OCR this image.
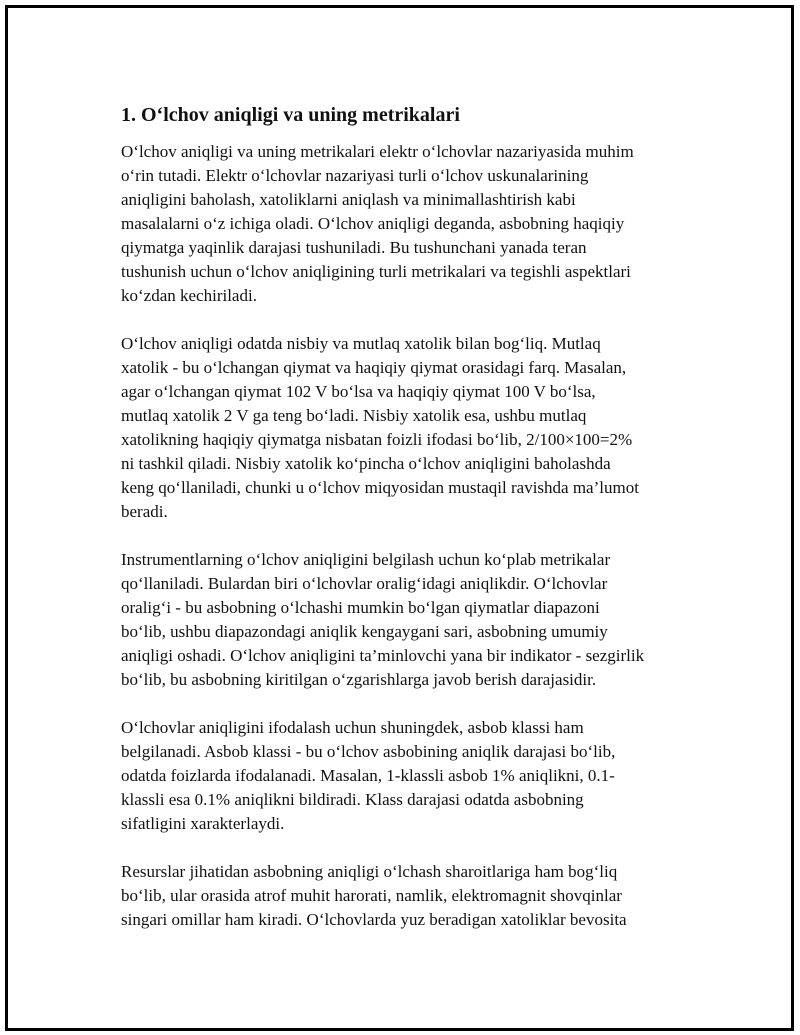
1. O‘lchov aniqligi va uning metrikalari

O‘lchov aniqligi va uning metrikalari elektr o‘lchovlar nazariyasida muhim
o‘rin tutadi. Elektr o‘lchovlar nazariyasi turli o‘lchov uskunalarining
aniqligini baholash, xatoliklarni aniqlash va minimallashtirish kabi
masalalarni o‘z ichiga oladi. O‘lchov aniqligi deganda, asbobning haqiqiy
qiymatga yaqinlik darajasi tushuniladi. Bu tushunchani yanada teran
tushunish uchun o‘lchov aniqligining turli metrikalari va tegishli aspektlari
ko‘zdan kechiriladi.

O‘lchov aniqligi odatda nisbiy va mutlaq xatolik bilan bog‘liq. Mutlaq
xatolik - bu o‘lchangan qiymat va haqiqiy qiymat orasidagi farq. Masalan,
agar o‘lchangan qiymat 102 V bo‘lsa va haqiqiy qiymat 100 V bo‘lsa,
mutlaq xatolik 2 V ga teng bo‘ladi. Nisbiy xatolik esa, ushbu mutlaq
xatolikning haqiqiy qiymatga nisbatan foizli ifodasi bo‘lib, 2/100×100=2%
ni tashkil qiladi. Nisbiy xatolik ko‘pincha o‘lchov aniqligini baholashda
keng qo‘llaniladi, chunki u o‘lchov miqyosidan mustaqil ravishda ma’lumot
beradi.

Instrumentlarning o‘lchov aniqligini belgilash uchun ko‘plab metrikalar
qo‘llaniladi. Bulardan biri o‘lchovlar oralig‘idagi aniqlikdir. O‘lchovlar
oralig‘i - bu asbobning o‘lchashi mumkin bo‘lgan qiymatlar diapazoni
bo‘lib, ushbu diapazondagi aniqlik kengaygani sari, asbobning umumiy
aniqligi oshadi. O‘lchov aniqligini ta’minlovchi yana bir indikator - sezgirlik
bo‘lib, bu asbobning kiritilgan o‘zgarishlarga javob berish darajasidir.

O‘lchovlar aniqligini ifodalash uchun shuningdek, asbob klassi ham
belgilanadi. Asbob klassi - bu o‘lchov asbobining aniqlik darajasi bo‘lib,
odatda foizlarda ifodalanadi. Masalan, 1-klassli asbob 1% aniqlikni, 0.1-
klassli esa 0.1% aniqlikni bildiradi. Klass darajasi odatda asbobning
sifatligini xarakterlaydi.

Resurslar jihatidan asbobning aniqligi o‘lchash sharoitlariga ham bog‘liq
bo‘lib, ular orasida atrof muhit harorati, namlik, elektromagnit shovqinlar
singari omillar ham kiradi. O‘lchovlarda yuz beradigan xatoliklar bevosita
